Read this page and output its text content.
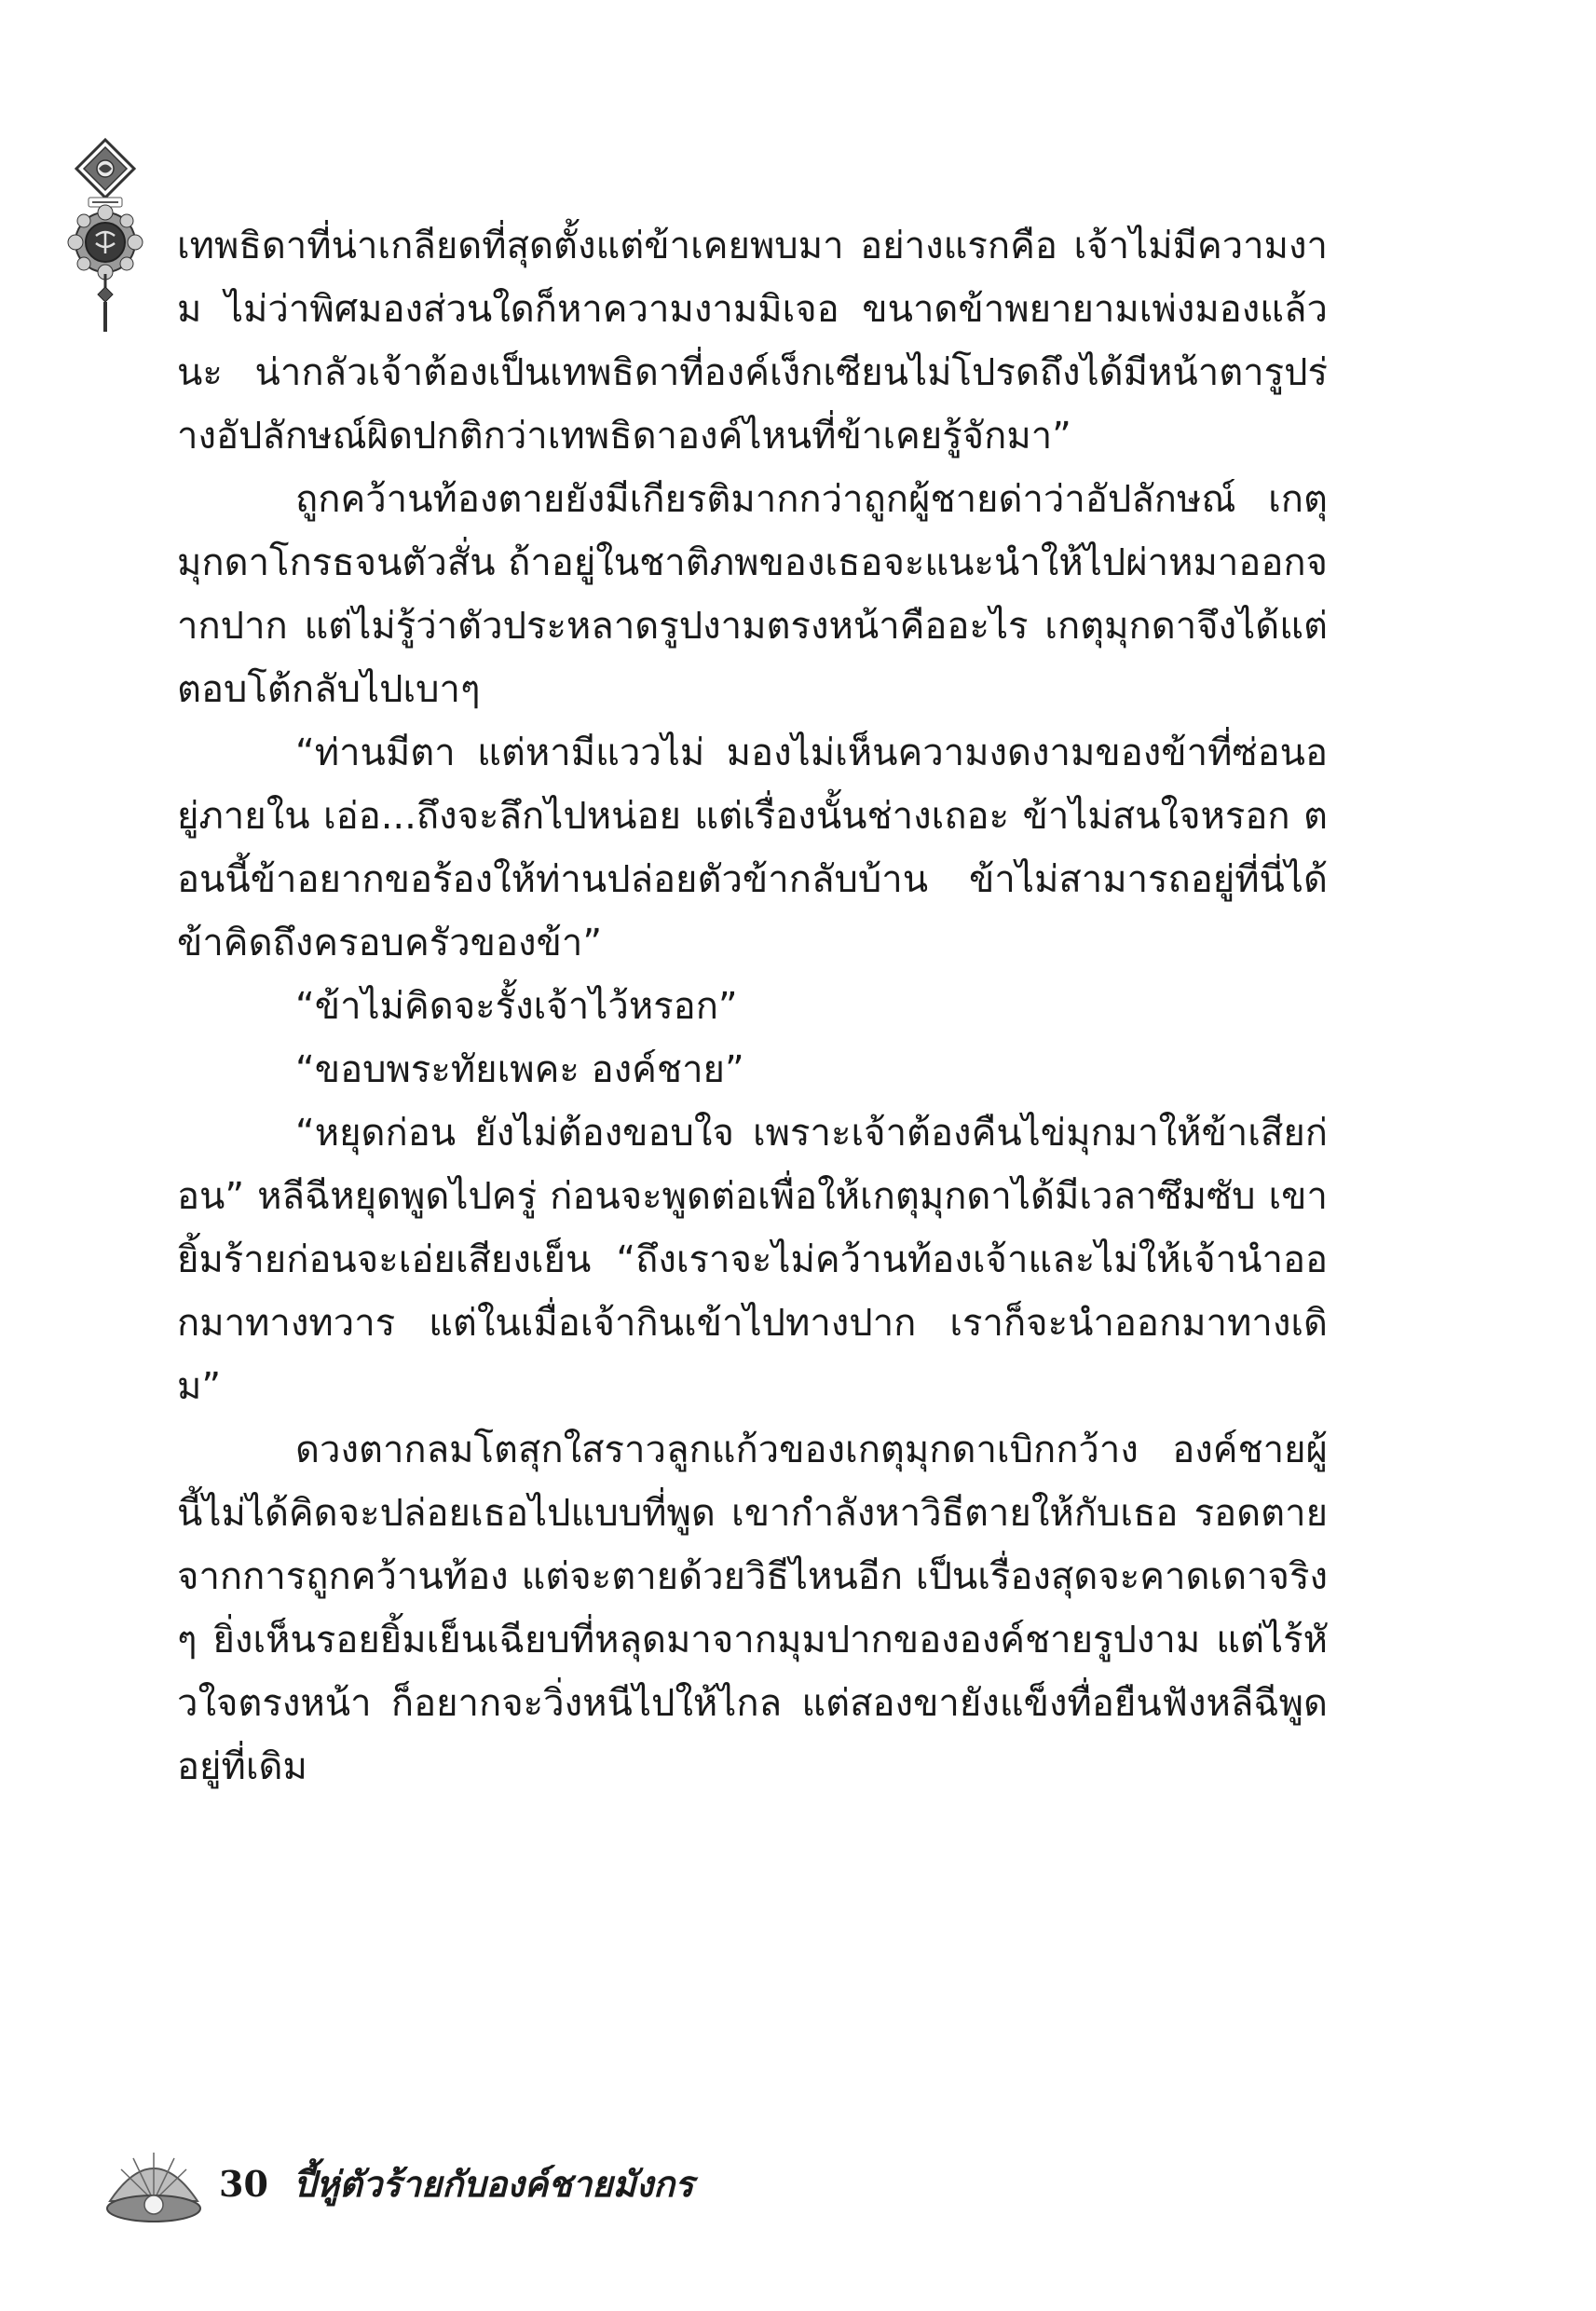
เทพธิดาที่น่าเกลียดที่สุดตั้งแต่ข้าเคยพบมา อย่างแรกคือ เจ้าไม่มีความงาม ไม่ว่าพิศมองส่วนใดก็หาความงามมิเจอ ขนาดข้าพยายามเพ่งมองแล้วนะ น่ากลัวเจ้าต้องเป็นเทพธิดาที่องค์เง็กเซียนไม่โปรดถึงได้มีหน้าตารูปร่างอัปลักษณ์ผิดปกติกว่าเทพธิดาองค์ไหนที่ข้าเคยรู้จักมา”

ถูกคว้านท้องตายยังมีเกียรติมากกว่าถูกผู้ชายด่าว่าอัปลักษณ์ เกตุมุกดาโกรธจนตัวสั่น ถ้าอยู่ในชาติภพของเธอจะแนะนำให้ไปผ่าหมาออกจากปาก แต่ไม่รู้ว่าตัวประหลาดรูปงามตรงหน้าคืออะไร เกตุมุกดาจึงได้แต่ตอบโต้กลับไปเบาๆ

“ท่านมีตา แต่หามีแววไม่ มองไม่เห็นความงดงามของข้าที่ซ่อนอยู่ภายใน เอ่อ...ถึงจะลึกไปหน่อย แต่เรื่องนั้นช่างเถอะ ข้าไม่สนใจหรอก ตอนนี้ข้าอยากขอร้องให้ท่านปล่อยตัวข้ากลับบ้าน ข้าไม่สามารถอยู่ที่นี่ได้ ข้าคิดถึงครอบครัวของข้า”

“ข้าไม่คิดจะรั้งเจ้าไว้หรอก”

“ขอบพระทัยเพคะ องค์ชาย”

“หยุดก่อน ยังไม่ต้องขอบใจ เพราะเจ้าต้องคืนไข่มุกมาให้ข้าเสียก่อน” หลีฉีหยุดพูดไปครู่ ก่อนจะพูดต่อเพื่อให้เกตุมุกดาได้มีเวลาซึมซับ เขายิ้มร้ายก่อนจะเอ่ยเสียงเย็น “ถึงเราจะไม่คว้านท้องเจ้าและไม่ให้เจ้านำออกมาทางทวาร แต่ในเมื่อเจ้ากินเข้าไปทางปาก เราก็จะนำออกมาทางเดิม”

ดวงตากลมโตสุกใสราวลูกแก้วของเกตุมุกดาเบิกกว้าง องค์ชายผู้นี้ไม่ได้คิดจะปล่อยเธอไปแบบที่พูด เขากำลังหาวิธีตายให้กับเธอ รอดตายจากการถูกคว้านท้อง แต่จะตายด้วยวิธีไหนอีก เป็นเรื่องสุดจะคาดเดาจริงๆ ยิ่งเห็นรอยยิ้มเย็นเฉียบที่หลุดมาจากมุมปากขององค์ชายรูปงาม แต่ไร้หัวใจตรงหน้า ก็อยากจะวิ่งหนีไปให้ไกล แต่สองขายังแข็งทื่อยืนฟังหลีฉีพูดอยู่ที่เดิม

30 ปี้หู่ตัวร้ายกับองค์ชายมังกร
